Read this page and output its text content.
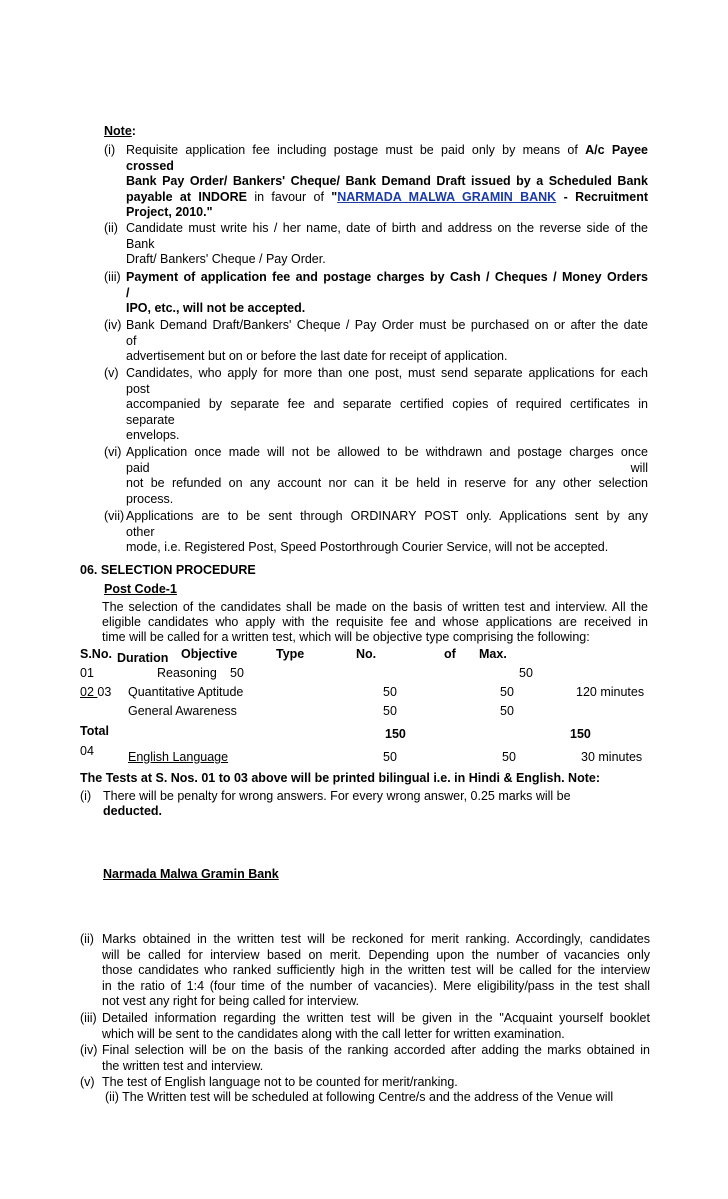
Note:
(i) Requisite application fee including postage must be paid only by means of A/c Payee
crossed
Bank Pay Order/ Bankers' Cheque/ Bank Demand Draft issued by a Scheduled Bank
payable at INDORE in favour of "NARMADA MALWA GRAMIN BANK - Recruitment
Project, 2010."
(ii) Candidate must write his / her name, date of birth and address on the reverse side of the
Bank
Draft/ Bankers' Cheque / Pay Order.
(iii) Payment of application fee and postage charges by Cash / Cheques / Money Orders
/
IPO, etc., will not be accepted.
(iv) Bank Demand Draft/Bankers' Cheque / Pay Order must be purchased on or after the date
of
advertisement but on or before the last date for receipt of application.
(v) Candidates, who apply for more than one post, must send separate applications for each
post
accompanied by separate fee and separate certified copies of required certificates in
separate
envelops.
(vi) Application once made will not be allowed to be withdrawn and postage charges once
paid	will
not be refunded on any account nor can it be held in reserve for any other selection
process.
(vii) Applications are to be sent through ORDINARY POST only. Applications sent by any
other
mode, i.e. Registered Post, Speed Postorthrough Courier Service, will not be accepted.
06. SELECTION PROCEDURE
Post Code-1
The selection of the candidates shall be made on the basis of written test and interview. All the
eligible candidates who apply with the requisite fee and whose applications are received in
time will be called for a written test, which will be objective type comprising the following:
S.No. Duration Objective	Type	No.	of Max.
01	Reasoning 50	50
02 03 Quantitative Aptitude	50	50	120 minutes
General Awareness	50	50
Total	150	150
04	English Language	50	50	30 minutes
The Tests at S. Nos. 01 to 03 above will be printed bilingual i.e. in Hindi & English. Note:
(i) There will be penalty for wrong answers. For every wrong answer, 0.25 marks will be
deducted.
Narmada Malwa Gramin Bank
(ii) Marks obtained in the written test will be reckoned for merit ranking. Accordingly, candidates
will be called for interview based on merit. Depending upon the number of vacancies only
those candidates who ranked sufficiently high in the written test will be called for the interview
in the ratio of 1:4 (four time of the number of vacancies). Mere eligibility/pass in the test shall
not vest any right for being called for interview.
(iii) Detailed information regarding the written test will be given in the "Acquaint yourself booklet
which will be sent to the candidates along with the call letter for written examination.
(iv) Final selection will be on the basis of the ranking accorded after adding the marks obtained in
the written test and interview.
(v) The test of English language not to be counted for merit/ranking.
(ii) The Written test will be scheduled at following Centre/s and the address of the Venue will
